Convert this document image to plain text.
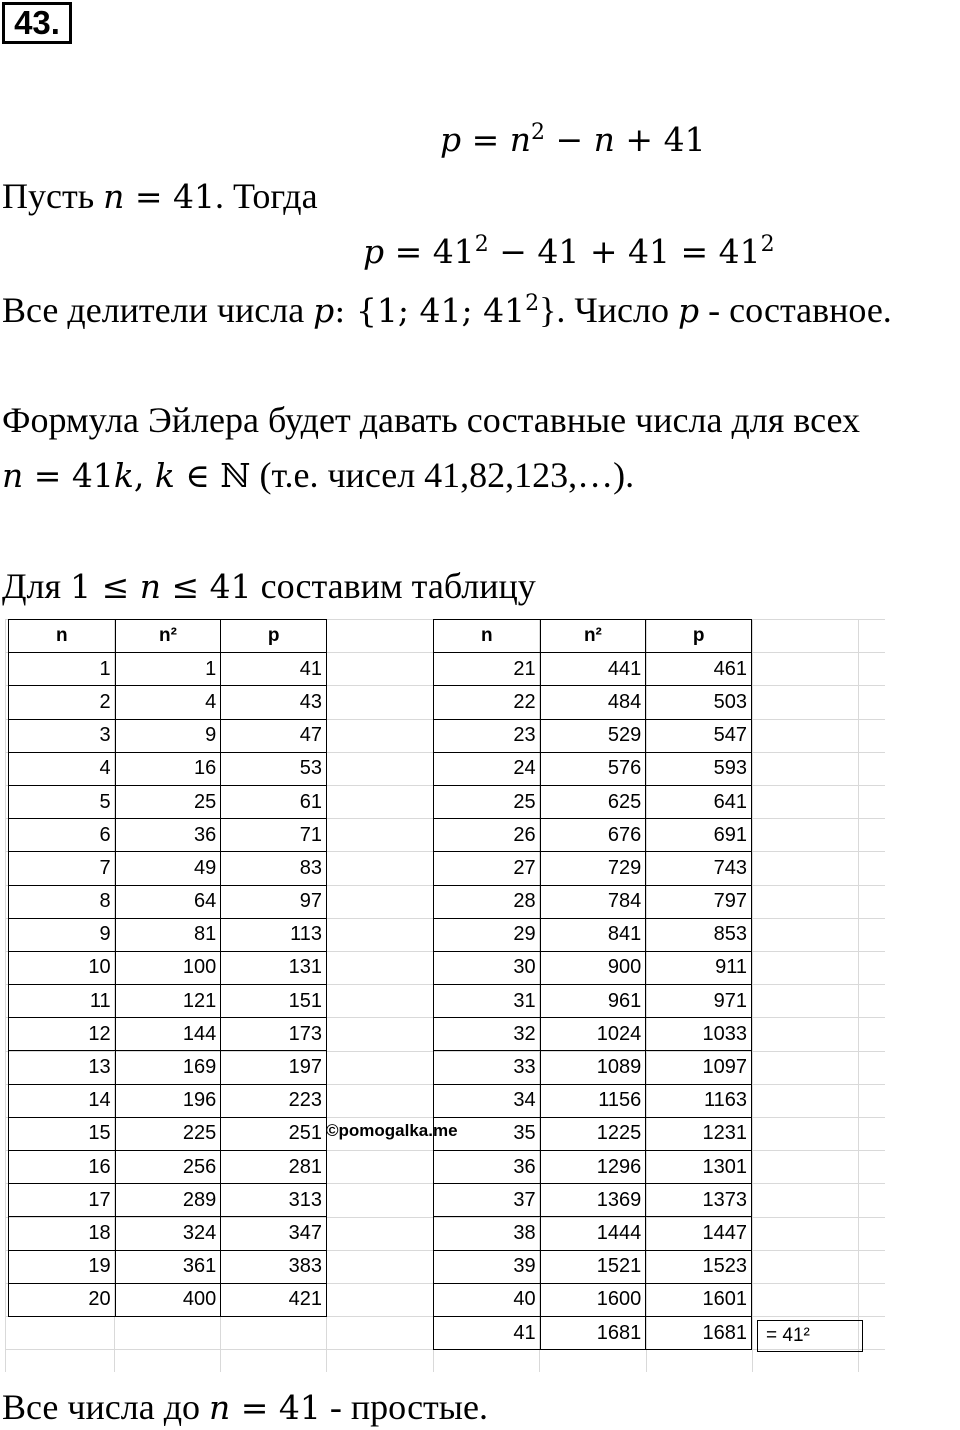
43.
$p = n^2 - n + 41$
Пусть n = 41. Тогда
$p = 41^2 - 41 + 41 = 41^2$
Все делители числа p: {1; 41; $41^2$}. Число p - составное.
Формула Эйлера будет давать составные числа для всех
n = 41k, k ∈ ℕ (т.е. чисел 41,82,123,…).
Для 1 ≤ n ≤ 41 составим таблицу
n	n²	p
1	1	41
2	4	43
3	9	47
4	16	53
5	25	61
6	36	71
7	49	83
8	64	97
9	81	113
10	100	131
11	121	151
12	144	173
13	169	197
14	196	223
15	225	251
16	256	281
17	289	313
18	324	347
19	361	383
20	400	421
n	n²	p
21	441	461
22	484	503
23	529	547
24	576	593
25	625	641
26	676	691
27	729	743
28	784	797
29	841	853
30	900	911
31	961	971
32	1024	1033
33	1089	1097
34	1156	1163
35	1225	1231
36	1296	1301
37	1369	1373
38	1444	1447
39	1521	1523
40	1600	1601
41	1681	1681	= 41²
©pomogalka.me
Все числа до n = 41 - простые.
